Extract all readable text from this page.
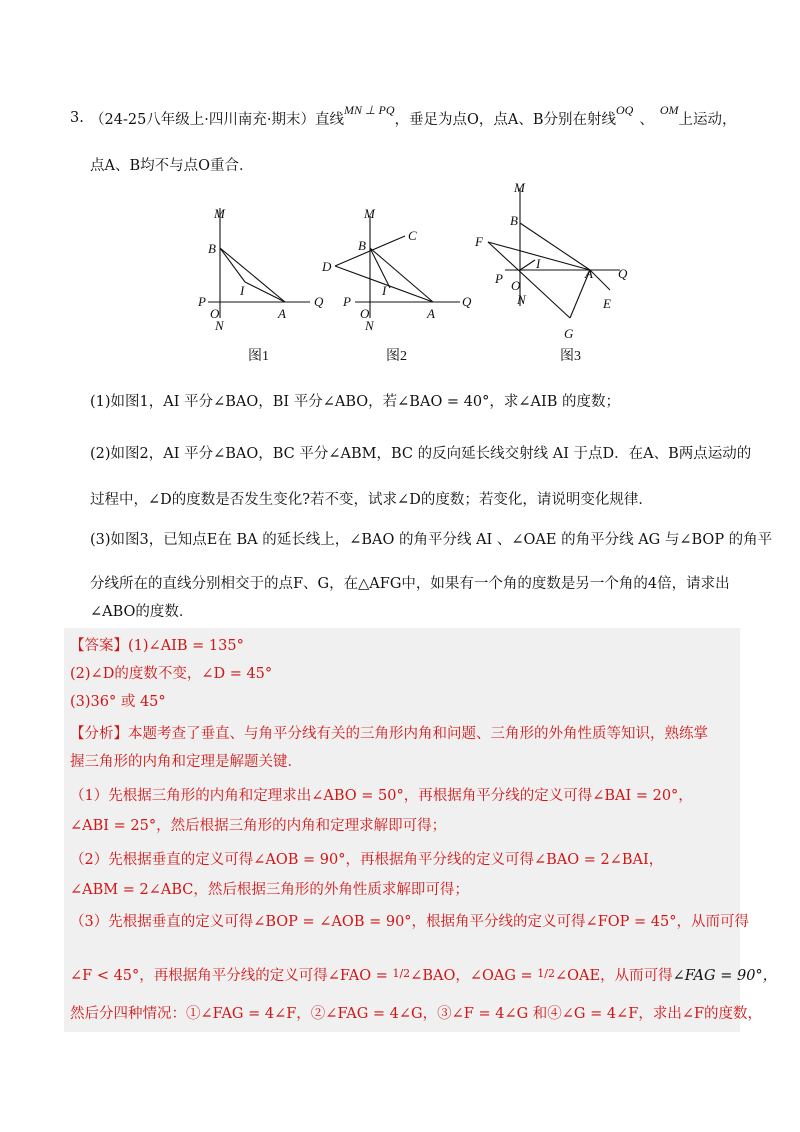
3. （24-25八年级上·四川南充·期末）直线$^{MN \perp PQ}$，垂足为点O，点A、B分别在射线$^{OQ}$、$^{OM}$上运动，
点A、B均不与点O重合．
M
B
I
P
O
N
A
Q
M
B
C
D
I
P
O
N
A
Q
M
B
F
I
P O
N
A Q
E
G
图1	图2	图3
(1)如图1，AI 平分∠BAO，BI 平分∠ABO，若∠BAO = 40°，求∠AIB 的度数；
(2)如图2，AI 平分∠BAO，BC 平分∠ABM，BC 的反向延长线交射线 AI 于点D．在A、B两点运动的
过程中，∠D的度数是否发生变化?若不变，试求∠D的度数；若变化，请说明变化规律．
(3)如图3，已知点E在 BA 的延长线上，∠BAO 的角平分线 AI 、∠OAE 的角平分线 AG 与∠BOP 的角平
分线所在的直线分别相交于的点F、G，在△AFG中，如果有一个角的度数是另一个角的4倍，请求出
∠ABO的度数．
【答案】(1)∠AIB = 135°
(2)∠D的度数不变，∠D = 45°
(3)36° 或 45°
【分析】本题考查了垂直、与角平分线有关的三角形内角和问题、三角形的外角性质等知识，熟练掌
握三角形的内角和定理是解题关键．
（1）先根据三角形的内角和定理求出∠ABO = 50°，再根据角平分线的定义可得∠BAI = 20°，
∠ABI = 25°，然后根据三角形的内角和定理求解即可得；
（2）先根据垂直的定义可得∠AOB = 90°，再根据角平分线的定义可得∠BAO = 2∠BAI，
∠ABM = 2∠ABC，然后根据三角形的外角性质求解即可得；
（3）先根据垂直的定义可得∠BOP = ∠AOB = 90°，根据角平分线的定义可得∠FOP = 45°，从而可得
∠F < 45°，再根据角平分线的定义可得∠FAO = $^{1/2}$∠BAO，∠OAG = $^{1/2}$∠OAE，从而可得∠FAG = 90°，
然后分四种情况：①∠FAG = 4∠F，②∠FAG = 4∠G，③∠F = 4∠G 和④∠G = 4∠F，求出∠F的度数，
